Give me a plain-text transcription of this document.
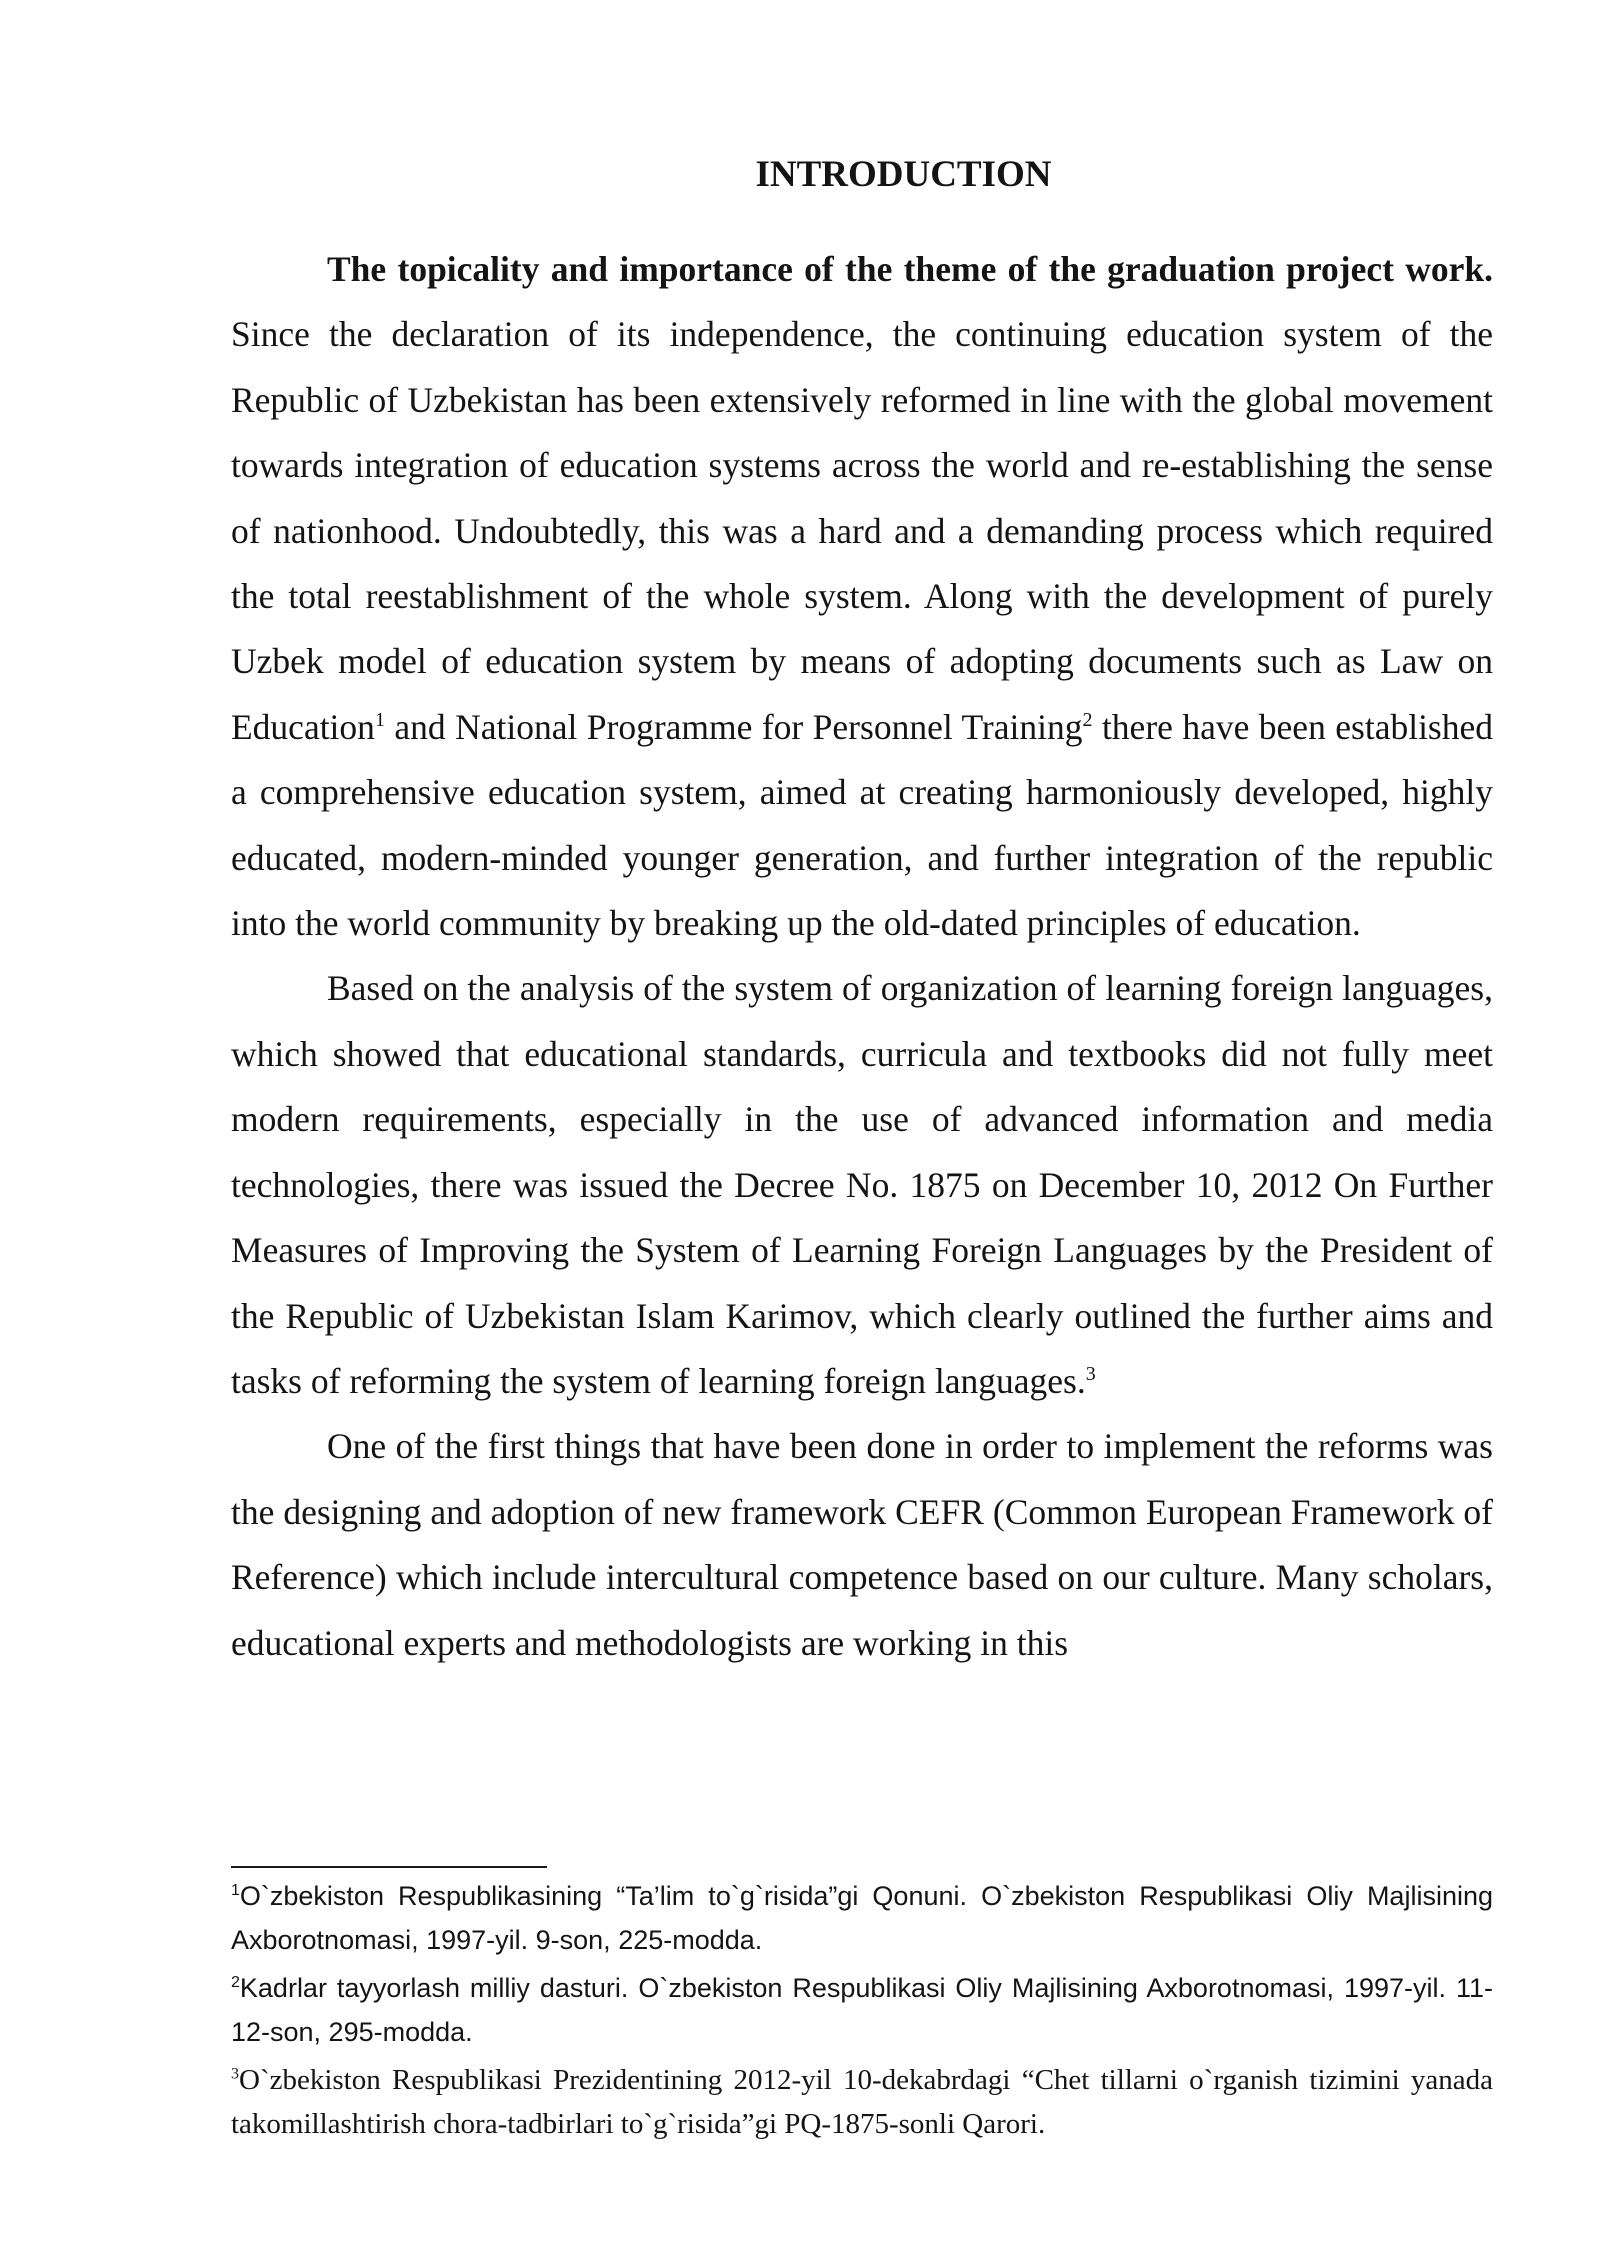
INTRODUCTION

The topicality and importance of the theme of the graduation project work. Since the declaration of its independence, the continuing education system of the Republic of Uzbekistan has been extensively reformed in line with the global movement towards integration of education systems across the world and re-establishing the sense of nationhood. Undoubtedly, this was a hard and a demanding process which required the total reestablishment of the whole system. Along with the development of purely Uzbek model of education system by means of adopting documents such as Law on Education$^1$ and National Programme for Personnel Training$^2$ there have been established a comprehensive education system, aimed at creating harmoniously developed, highly educated, modern-minded younger generation, and further integration of the republic into the world community by breaking up the old-dated principles of education.

Based on the analysis of the system of organization of learning foreign languages, which showed that educational standards, curricula and textbooks did not fully meet modern requirements, especially in the use of advanced information and media technologies, there was issued the Decree No. 1875 on December 10, 2012 On Further Measures of Improving the System of Learning Foreign Languages by the President of the Republic of Uzbekistan Islam Karimov, which clearly outlined the further aims and tasks of reforming the system of learning foreign languages.$^3$

One of the first things that have been done in order to implement the reforms was the designing and adoption of new framework CEFR (Common European Framework of Reference) which include intercultural competence based on our culture. Many scholars, educational experts and methodologists are working in this

$^1$O`zbekiston Respublikasining “Ta’lim to`g`risida”gi Qonuni. O`zbekiston Respublikasi Oliy Majlisining Axborotnomasi, 1997-yil. 9-son, 225-modda.

$^2$Kadrlar tayyorlash milliy dasturi. O`zbekiston Respublikasi Oliy Majlisining Axborotnomasi, 1997-yil. 11-12-son, 295-modda.

$^3$O`zbekiston Respublikasi Prezidentining 2012-yil 10-dekabrdagi “Chet tillarni o`rganish tizimini yanada takomillashtirish chora-tadbirlari to`g`risida”gi PQ-1875-sonli Qarori.
